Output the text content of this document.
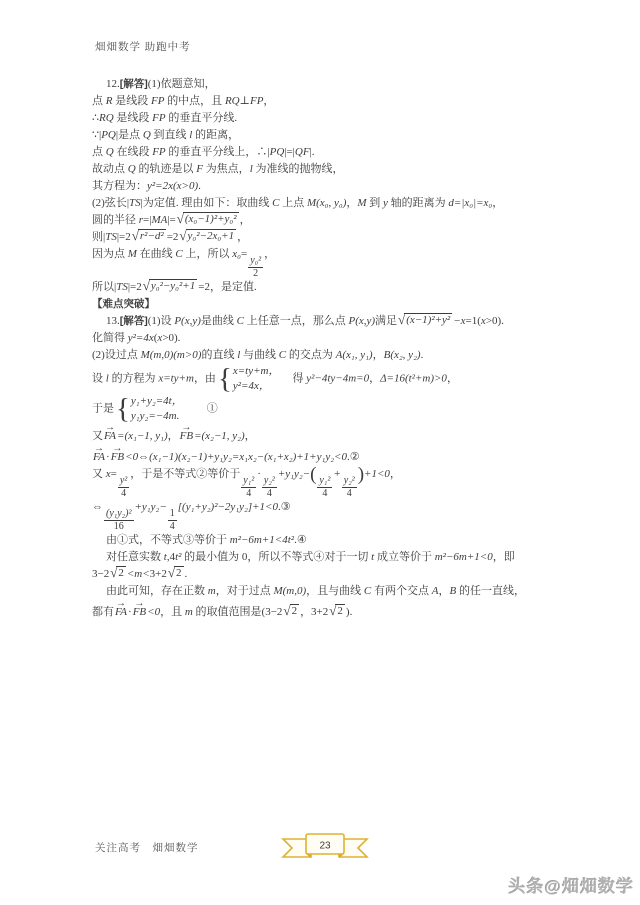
畑畑数学 助跑中考
12.[解答](1)依题意知，
点 R 是线段 FP 的中点，且 RQ⊥FP，
∴RQ 是线段 FP 的垂直平分线.
∵|PQ|是点 Q 到直线 l 的距离，
点 Q 在线段 FP 的垂直平分线上，∴|PQ|=|QF|.
故动点 Q 的轨迹是以 F 为焦点，l 为准线的抛物线，
其方程为：y²=2x(x>0).
(2)弦长|TS|为定值. 理由如下：取曲线 C 上点 M(x₀, y₀)，M 到 y 轴的距离为 d=|x₀|=x₀，
圆的半径 r=|MA|= √ (x₀−1)²+y₀² ，
则|TS|=2 √ r²−d² =2 √ y₀²−2x₀+1 ，
因为点 M 在曲线 C 上，所以 x₀=
$\frac{\text{y₀²}}{2}$
，
所以|TS|=2 √ y₀²−y₀²+1 =2，是定值.
【难点突破】
13.[解答](1)设 P(x,y)是曲线 C 上任意一点，那么点 P(x,y)满足 √ (x−1)²+y² −x=1(x>0).
化简得 y²=4x(x>0).
(2)设过点 M(m,0)(m>0)的直线 l 与曲线 C 的交点为 A(x₁, y₁)，B(x₂, y₂).
设 l 的方程为 x=ty+m，由
{ x=ty+m，
y²=4x，
　得 y²−4ty−4m=0，Δ=16(t²+m)>0，
于是
{ y₁+y₂=4t，
y₁y₂=−4m.
　　①
又FA →=(x₁−1, y₁)，FB →=(x₂−1, y₂)，
FA →·FB →<0⇔(x₁−1)(x₂−1)+y₁y₂=x₁x₂−(x₁+x₂)+1+y₁y₂<0.②
又 x=
$\frac{\text{y²}}{4}$
，于是不等式②等价于
$\frac{\text{y₁²}}{4}$
·
$\frac{\text{y₂²}}{4}$
+y₁y₂−(
$\frac{\text{y₁²}}{4}$
+
$\frac{\text{y₂²}}{4}$
)+1<0，
⇔
$\frac{\text{(y₁y₂)²}}{16}$
+y₁y₂−
$\frac{1}{4}$
[(y₁+y₂)²−2y₁y₂]+1<0.③
由①式，不等式③等价于 m²−6m+1<4t².④
对任意实数 t,4t² 的最小值为 0，所以不等式④对于一切 t 成立等价于 m²−6m+1<0，即
3−2 √ 2 <m<3+2 √ 2 .
由此可知，存在正数 m，对于过点 M(m,0)，且与曲线 C 有两个交点 A，B 的任一直线，
都有FA →·FB →<0，且 m 的取值范围是(3−2 √ 2 ，3+2 √ 2 ).
关注高考　畑畑数学	23
头条@畑畑数学
